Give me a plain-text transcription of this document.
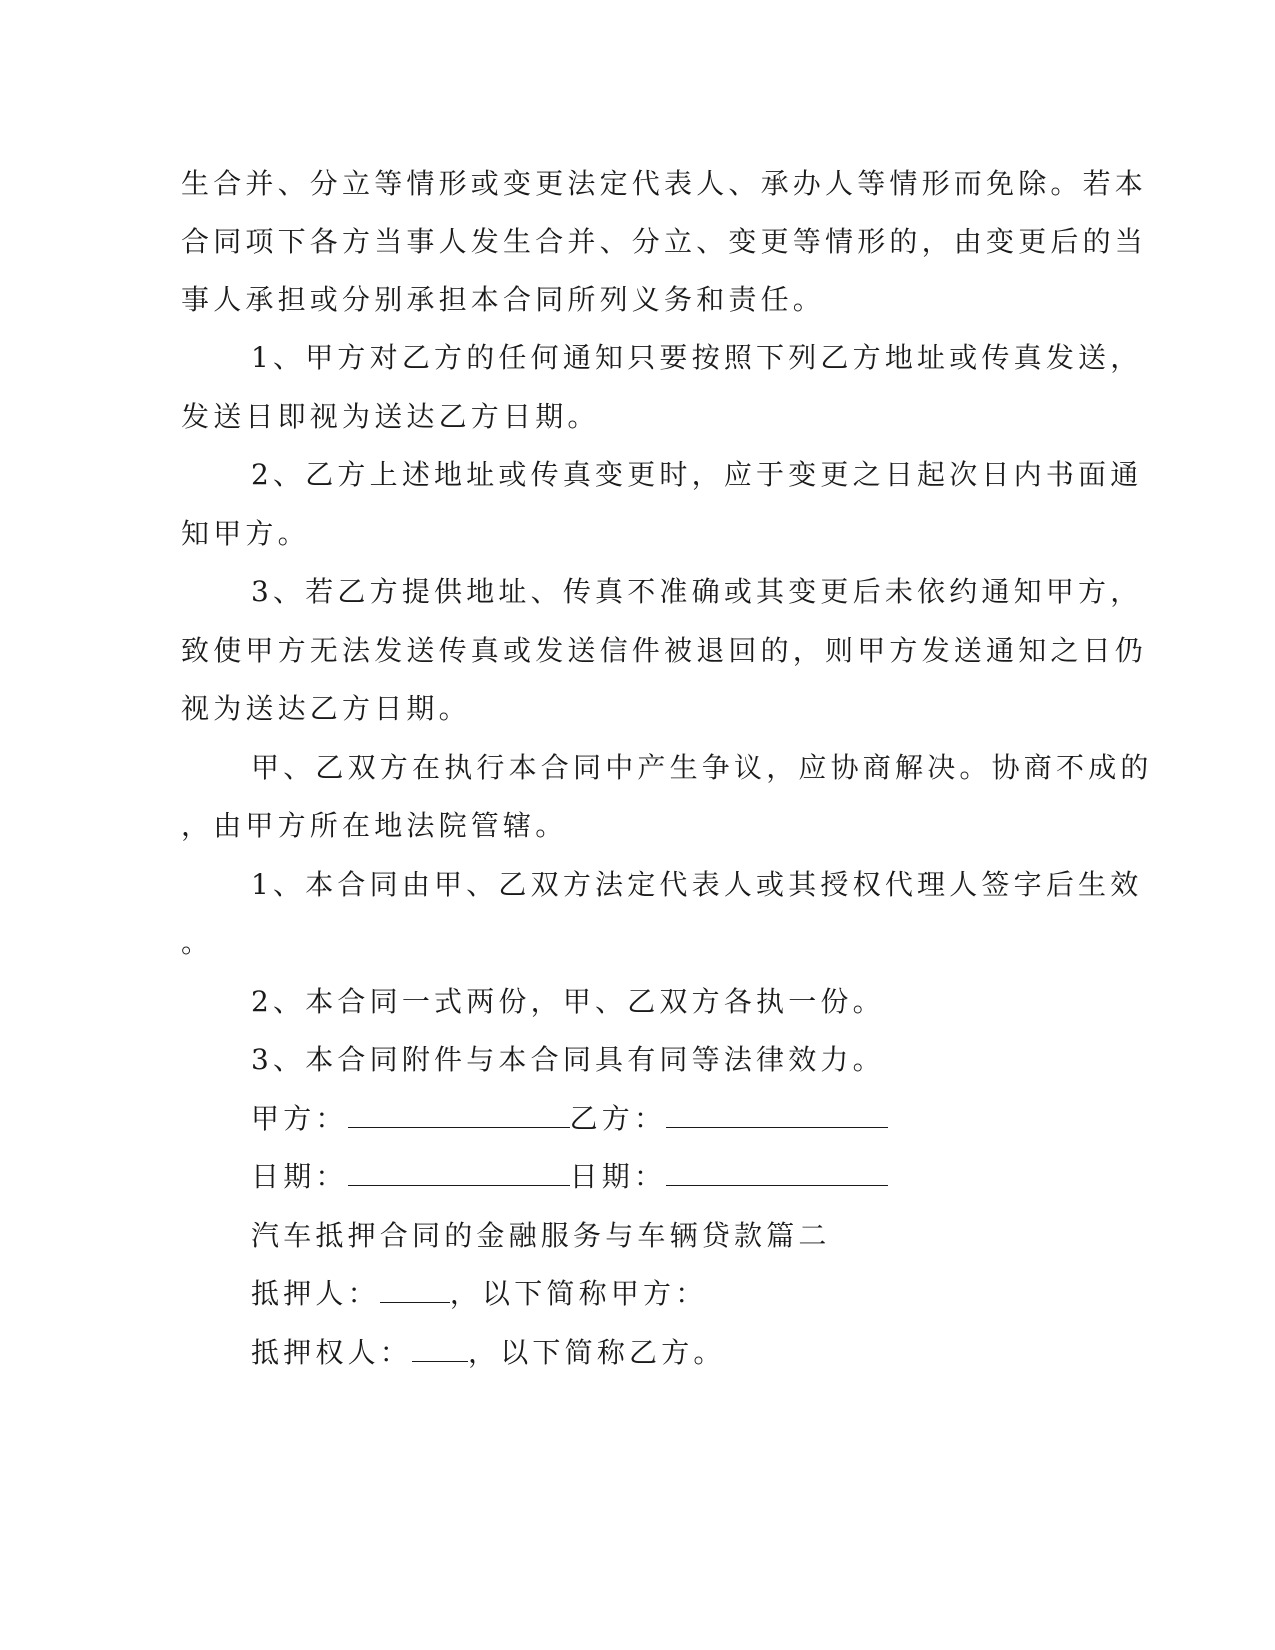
生合并、分立等情形或变更法定代表人、承办人等情形而免除。若本
合同项下各方当事人发生合并、分立、变更等情形的，由变更后的当
事人承担或分别承担本合同所列义务和责任。
1、甲方对乙方的任何通知只要按照下列乙方地址或传真发送，
发送日即视为送达乙方日期。
2、乙方上述地址或传真变更时，应于变更之日起次日内书面通
知甲方。
3、若乙方提供地址、传真不准确或其变更后未依约通知甲方，
致使甲方无法发送传真或发送信件被退回的，则甲方发送通知之日仍
视为送达乙方日期。
甲、乙双方在执行本合同中产生争议，应协商解决。协商不成的
，由甲方所在地法院管辖。
1、本合同由甲、乙双方法定代表人或其授权代理人签字后生效
。
2、本合同一式两份，甲、乙双方各执一份。
3、本合同附件与本合同具有同等法律效力。
甲方：	乙方：
日期：	日期：
汽车抵押合同的金融服务与车辆贷款篇二
抵押人：	，以下简称甲方：
抵押权人： ，以下简称乙方。
